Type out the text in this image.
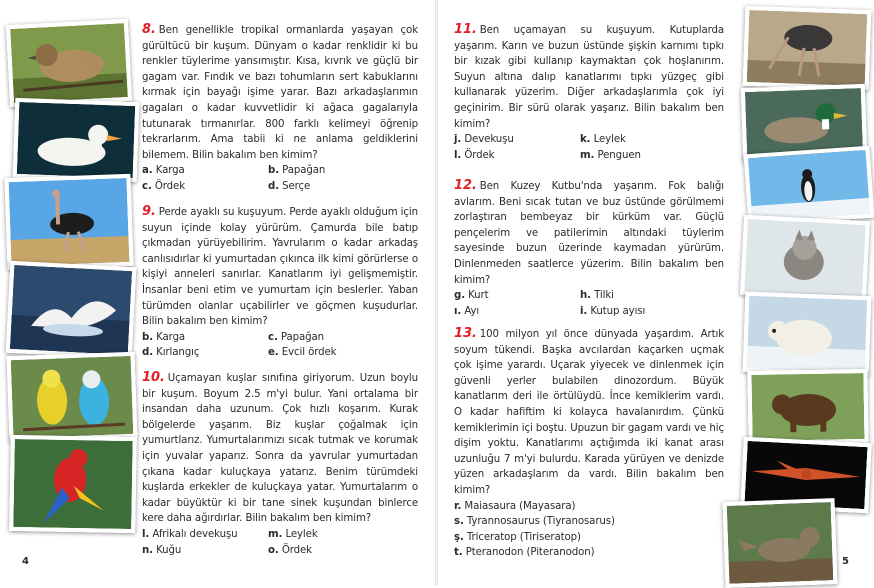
8. Ben genellikle tropikal ormanlarda yaşayan çok gürültücü bir kuşum. Dünyam o kadar renklidir ki bu renkler tüylerime yansımıştır. Kısa, kıvrık ve güçlü bir gagam var. Fındık ve bazı tohumların sert kabuklarını kırmak için bayağı işime yarar. Bazı arkadaşlarımın gagaları o kadar kuvvetlidir ki ağaca gagalarıyla tutunarak tırmanırlar. 800 farklı kelimeyi öğrenip tekrarlarım. Ama tabii ki ne anlama geldiklerini bilemem. Bilin bakalım ben kimim?

a. Karga	b. Papağan
c. Ördek	d. Serçe

9. Perde ayaklı su kuşuyum. Perde ayaklı olduğum için suyun içinde kolay yürürüm. Çamurda bile batıp çıkmadan yürüyebilirim. Yavrularım o kadar arkadaş canlısıdırlar ki yumurtadan çıkınca ilk kimi görürlerse o kişiyi anneleri sanırlar. Kanatlarım iyi gelişmemiştir. İnsanlar beni etim ve yumurtam için beslerler. Yaban türümden olanlar uçabilirler ve göçmen kuşudurlar. Bilin bakalım ben kimim?

b. Karga	c. Papağan
d. Kırlangıç	e. Evcil ördek

10. Uçamayan kuşlar sınıfına giriyorum. Uzun boylu bir kuşum. Boyum 2.5 m'yi bulur. Yani ortalama bir insandan daha uzunum. Çok hızlı koşarım. Kurak bölgelerde yaşarım. Biz kuşlar çoğalmak için yumurtlarız. Yumurtalarımızı sıcak tutmak ve korumak için yuvalar yaparız. Sonra da yavrular yumurtadan çıkana kadar kuluçkaya yatarız. Benim türümdeki kuşlarda erkekler de kuluçkaya yatar. Yumurtalarım o kadar büyüktür ki bir tane sinek kuşundan binlerce kere daha ağırdırlar. Bilin bakalım ben kimim?

l. Afrikalı devekuşu	m. Leylek
n. Kuğu	o. Ördek
4

11. Ben uçamayan su kuşuyum. Kutuplarda yaşarım. Karın ve buzun üstünde şişkin karnımı tıpkı bir kızak gibi kullanıp kaymaktan çok hoşlanırım. Suyun altına dalıp kanatlarımı tıpkı yüzgeç gibi kullanarak yüzerim. Diğer arkadaşlarımla çok iyi geçinirim. Bir sürü olarak yaşarız. Bilin bakalım ben kimim?

j. Devekuşu	k. Leylek
l. Ördek	m. Penguen

12. Ben Kuzey Kutbu'nda yaşarım. Fok balığı avlarım. Beni sıcak tutan ve buz üstünde görülmemi zorlaştıran bembeyaz bir kürküm var. Güçlü pençelerim ve patilerimin altındaki tüylerim sayesinde buzun üzerinde kaymadan yürürüm. Dinlenmeden saatlerce yüzerim. Bilin bakalım ben kimim?

g. Kurt	h. Tilki
ı. Ayı	i. Kutup ayısı

13. 100 milyon yıl önce dünyada yaşardım. Artık soyum tükendi. Başka avcılardan kaçarken uçmak çok işime yarardı. Uçarak yiyecek ve dinlenmek için güvenli yerler bulabilen dinozordum. Büyük kanatlarım deri ile örtülüydü. İnce kemiklerim vardı. O kadar hafiftim ki kolayca havalanırdım. Çünkü kemiklerimin içi boştu. Upuzun bir gagam vardı ve hiç dişim yoktu. Kanatlarımı açtığımda iki kanat arası uzunluğu 7 m'yi bulurdu. Karada yürüyen ve denizde yüzen arkadaşlarım da vardı. Bilin bakalım ben kimim?

r. Maiasaura (Mayasara)
s. Tyrannosaurus (Tiyranosarus)
ş. Triceratop (Tiriseratop)
t. Pteranodon (Piteranodon)
5
